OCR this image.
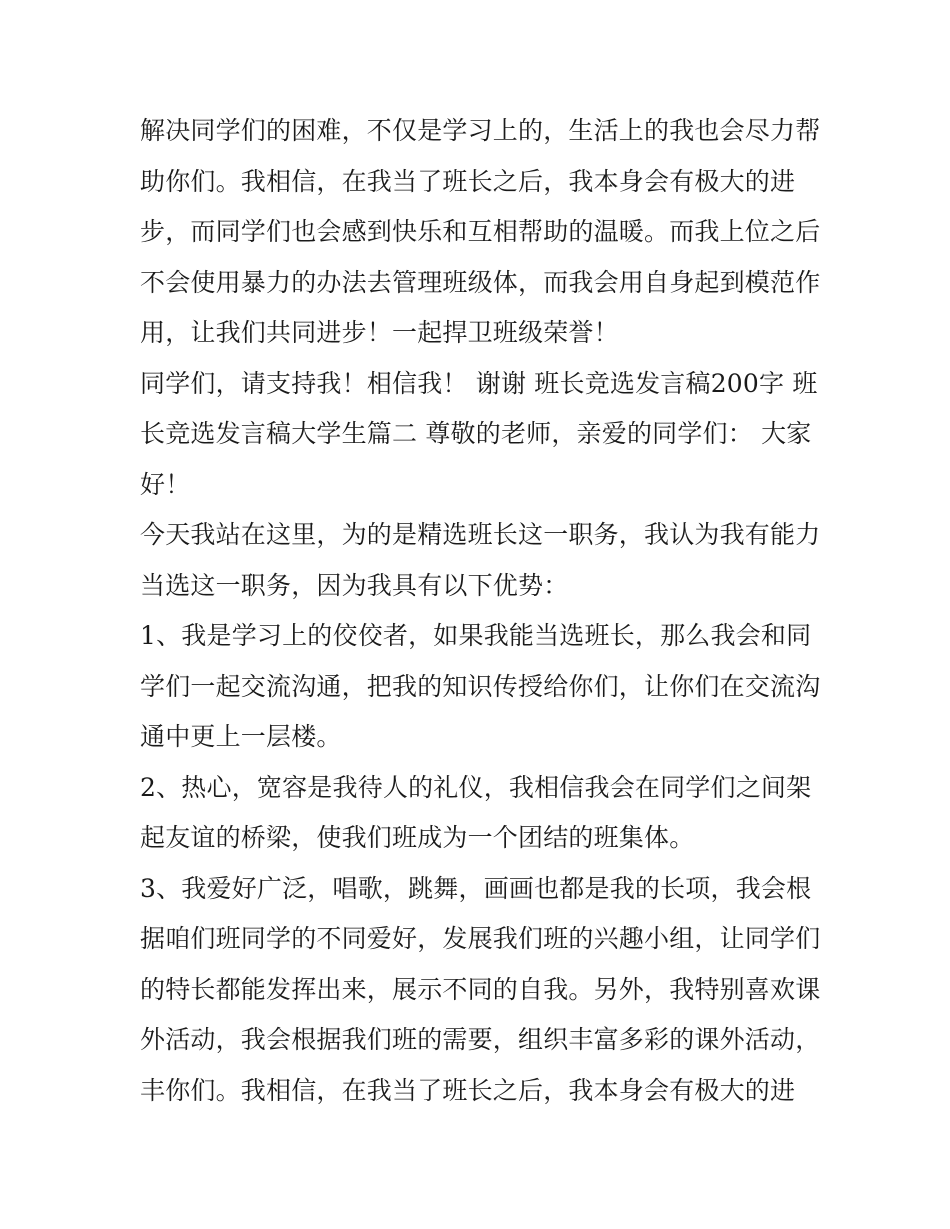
解决同学们的困难，不仅是学习上的，生活上的我也会尽力帮
助你们。我相信，在我当了班长之后，我本身会有极大的进
步，而同学们也会感到快乐和互相帮助的温暖。而我上位之后
不会使用暴力的办法去管理班级体，而我会用自身起到模范作
用，让我们共同进步！一起捍卫班级荣誉！
同学们，请支持我！相信我！ 谢谢 班长竞选发言稿200字 班
长竞选发言稿大学生篇二 尊敬的老师，亲爱的同学们： 大家
好！
今天我站在这里，为的是精选班长这一职务，我认为我有能力
当选这一职务，因为我具有以下优势：
1、我是学习上的佼佼者，如果我能当选班长，那么我会和同
学们一起交流沟通，把我的知识传授给你们，让你们在交流沟
通中更上一层楼。
2、热心，宽容是我待人的礼仪，我相信我会在同学们之间架
起友谊的桥梁，使我们班成为一个团结的班集体。
3、我爱好广泛，唱歌，跳舞，画画也都是我的长项，我会根
据咱们班同学的不同爱好，发展我们班的兴趣小组，让同学们
的特长都能发挥出来，展示不同的自我。另外，我特别喜欢课
外活动，我会根据我们班的需要，组织丰富多彩的课外活动，
丰你们。我相信，在我当了班长之后，我本身会有极大的进
